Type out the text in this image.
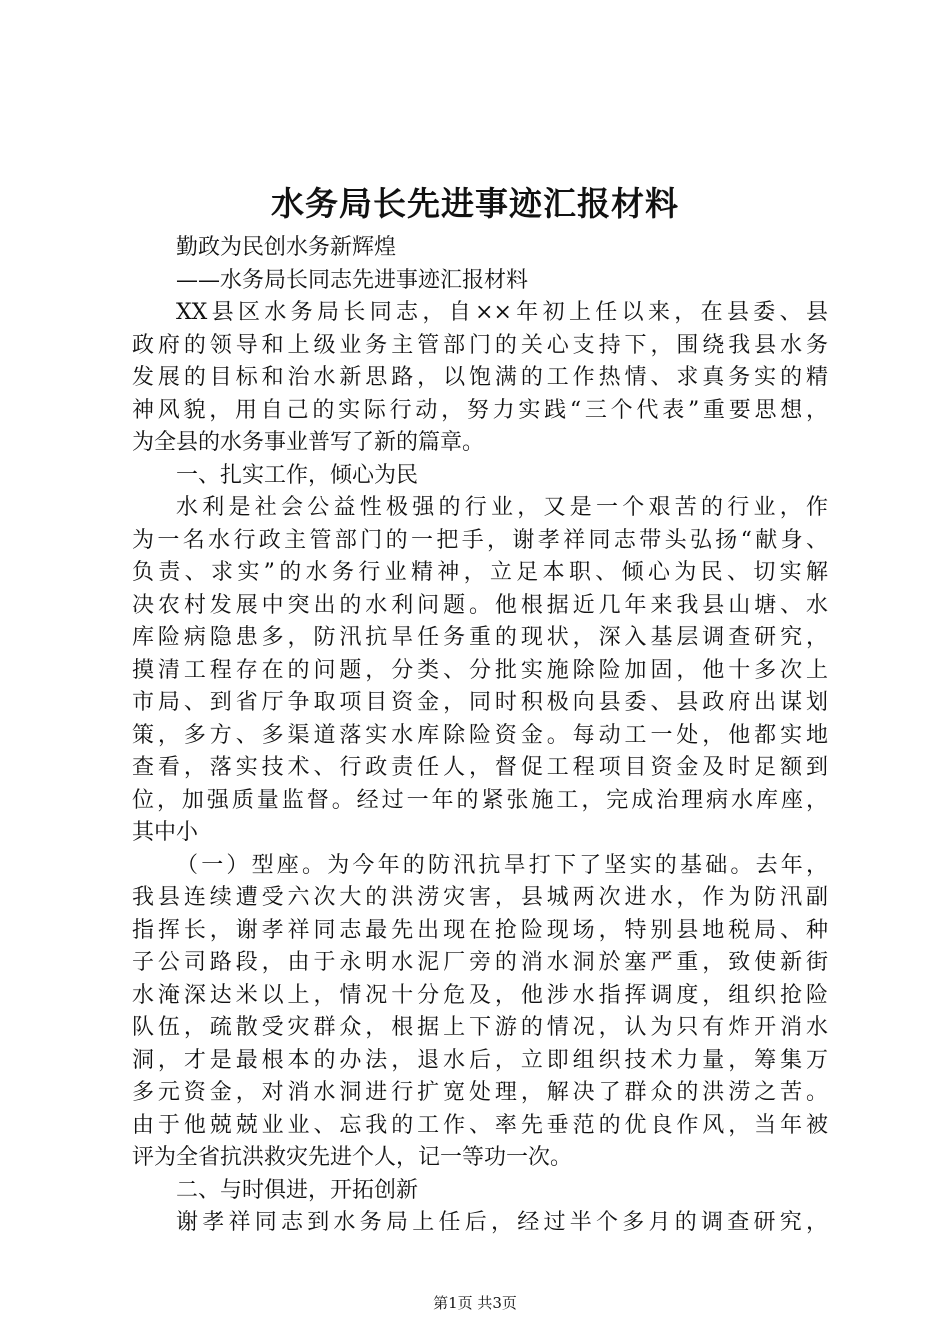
水务局长先进事迹汇报材料
勤政为民创水务新辉煌
——水务局长同志先进事迹汇报材料
XX县区水务局长同志，自××年初上任以来，在县委、县
政府的领导和上级业务主管部门的关心支持下，围绕我县水务
发展的目标和治水新思路，以饱满的工作热情、求真务实的精
神风貌，用自己的实际行动，努力实践“三个代表”重要思想，
为全县的水务事业普写了新的篇章。
一、扎实工作，倾心为民
水利是社会公益性极强的行业，又是一个艰苦的行业，作
为一名水行政主管部门的一把手，谢孝祥同志带头弘扬“献身、
负责、求实”的水务行业精神，立足本职、倾心为民、切实解
决农村发展中突出的水利问题。他根据近几年来我县山塘、水
库险病隐患多，防汛抗旱任务重的现状，深入基层调查研究，
摸清工程存在的问题，分类、分批实施除险加固，他十多次上
市局、到省厅争取项目资金，同时积极向县委、县政府出谋划
策，多方、多渠道落实水库除险资金。每动工一处，他都实地
查看，落实技术、行政责任人，督促工程项目资金及时足额到
位，加强质量监督。经过一年的紧张施工，完成治理病水库座，
其中小
（一）型座。为今年的防汛抗旱打下了坚实的基础。去年，
我县连续遭受六次大的洪涝灾害，县城两次进水，作为防汛副
指挥长，谢孝祥同志最先出现在抢险现场，特别县地税局、种
子公司路段，由于永明水泥厂旁的消水洞於塞严重，致使新街
水淹深达米以上，情况十分危及，他涉水指挥调度，组织抢险
队伍，疏散受灾群众，根据上下游的情况，认为只有炸开消水
洞，才是最根本的办法，退水后，立即组织技术力量，筹集万
多元资金，对消水洞进行扩宽处理，解决了群众的洪涝之苦。
由于他兢兢业业、忘我的工作、率先垂范的优良作风，当年被
评为全省抗洪救灾先进个人，记一等功一次。
二、与时俱进，开拓创新
谢孝祥同志到水务局上任后，经过半个多月的调查研究，
第1页 共3页
